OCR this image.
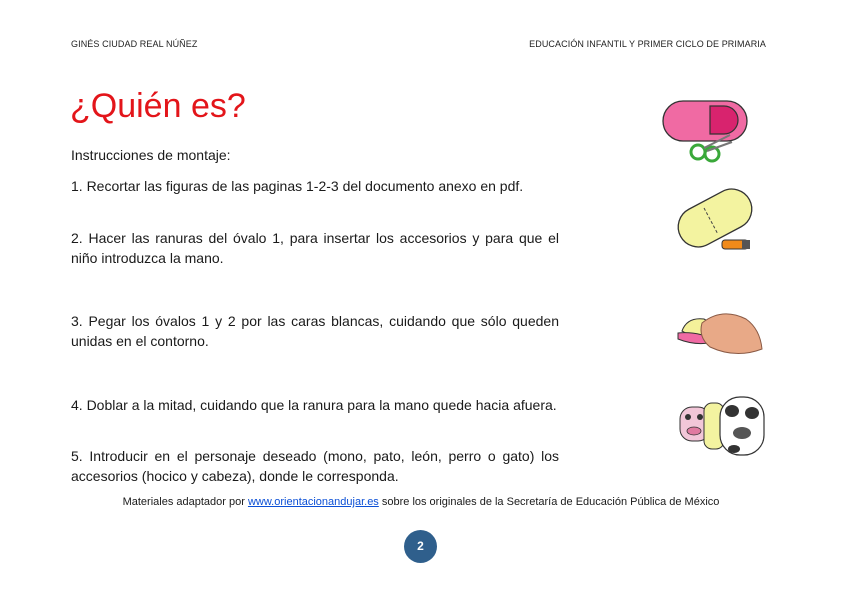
GINÉS CIUDAD REAL NÚÑEZ	EDUCACIÓN INFANTIL Y PRIMER CICLO DE PRIMARIA
¿Quién es?

Instrucciones de montaje:

1. Recortar las figuras de las paginas 1-2-3 del documento anexo en pdf.

2. Hacer las ranuras del óvalo 1, para insertar los accesorios y para que el niño introduzca la mano.

3. Pegar los óvalos 1 y 2 por las caras blancas, cuidando que sólo queden unidas en el contorno.

4. Doblar a la mitad, cuidando que la ranura para la mano quede hacia afuera.

5. Introducir en el personaje deseado (mono, pato, león, perro o gato) los accesorios (hocico y cabeza), donde le corresponda.

Materiales adaptador por www.orientacionandujar.es sobre los originales de la Secretaría de Educación Pública de México
2
